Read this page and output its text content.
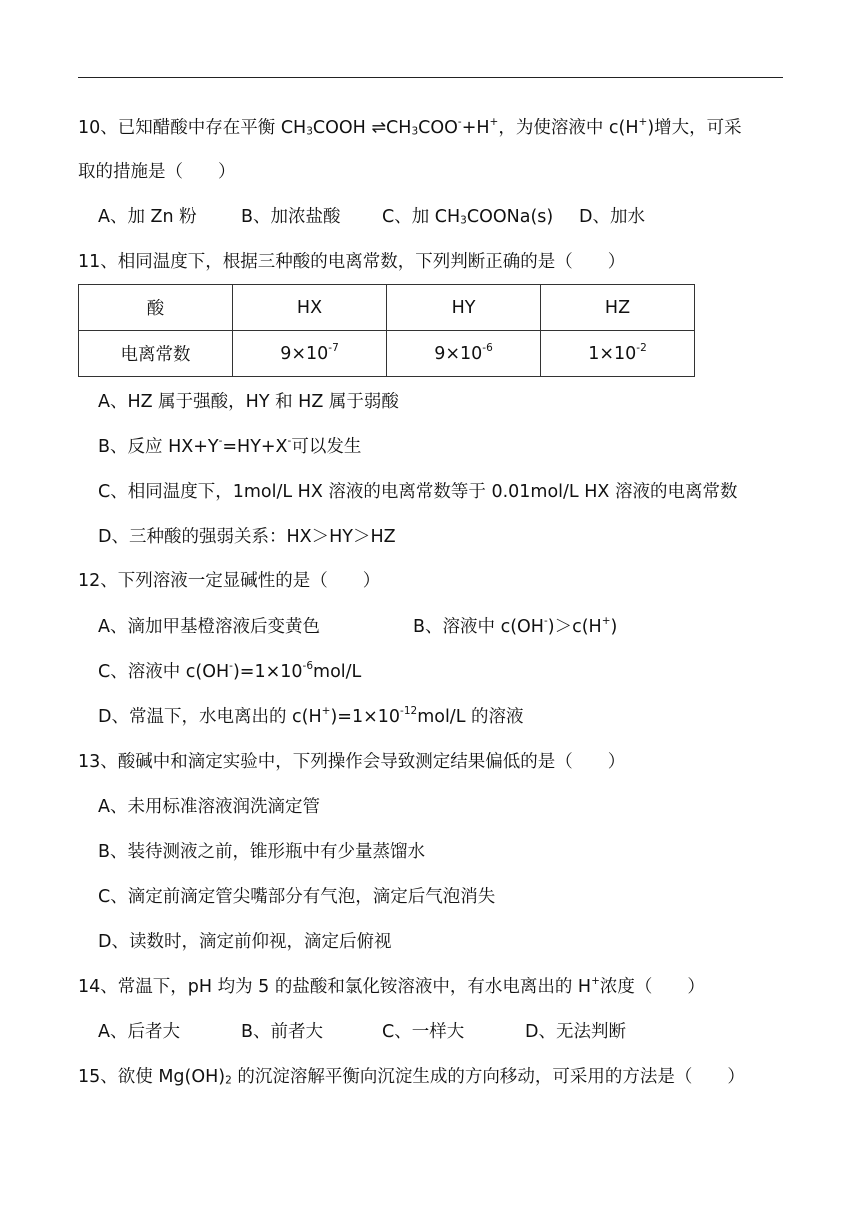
10、已知醋酸中存在平衡 $CH_3COOH$ $\rightleftharpoons CH_3COO^-+H^+$，为使溶液中 c(H+)增大，可采
取的措施是（　　）
A、加 Zn 粉	B、加浓盐酸 C、加 $CH_3COONa(s)$ D、加水
11、相同温度下，根据三种酸的电离常数，下列判断正确的是（　　）
酸	HX	HY	HZ
电离常数	$9\times 10^{-7}$	$9\times 10^{-6}$	$1\times 10^{-2}$
A、HZ 属于强酸，HY 和 HZ 属于弱酸
B、反应 HX+Y-=HY+X-可以发生
C、相同温度下，1mol/L HX 溶液的电离常数等于 0.01mol/L HX 溶液的电离常数
D、三种酸的强弱关系：HX＞HY＞HZ
12、下列溶液一定显碱性的是（　　）
A、滴加甲基橙溶液后变黄色	B、溶液中 c(OH-)＞c(H+)
C、溶液中 $c(OH^-)=1\times 10^{-6}mol/L$
D、常温下，水电离出的 $c(H^+)=1\times 10^{-12}mol/L$ 的溶液
13、酸碱中和滴定实验中，下列操作会导致测定结果偏低的是（　　）
A、未用标准溶液润洗滴定管
B、装待测液之前，锥形瓶中有少量蒸馏水
C、滴定前滴定管尖嘴部分有气泡，滴定后气泡消失
D、读数时，滴定前仰视，滴定后俯视
14、常温下，pH 均为 5 的盐酸和氯化铵溶液中，有水电离出的 H+浓度（　　）
A、后者大	B、前者大	C、一样大	D、无法判断
15、欲使 $Mg(OH)_2$ 的沉淀溶解平衡向沉淀生成的方向移动，可采用的方法是（　　）
